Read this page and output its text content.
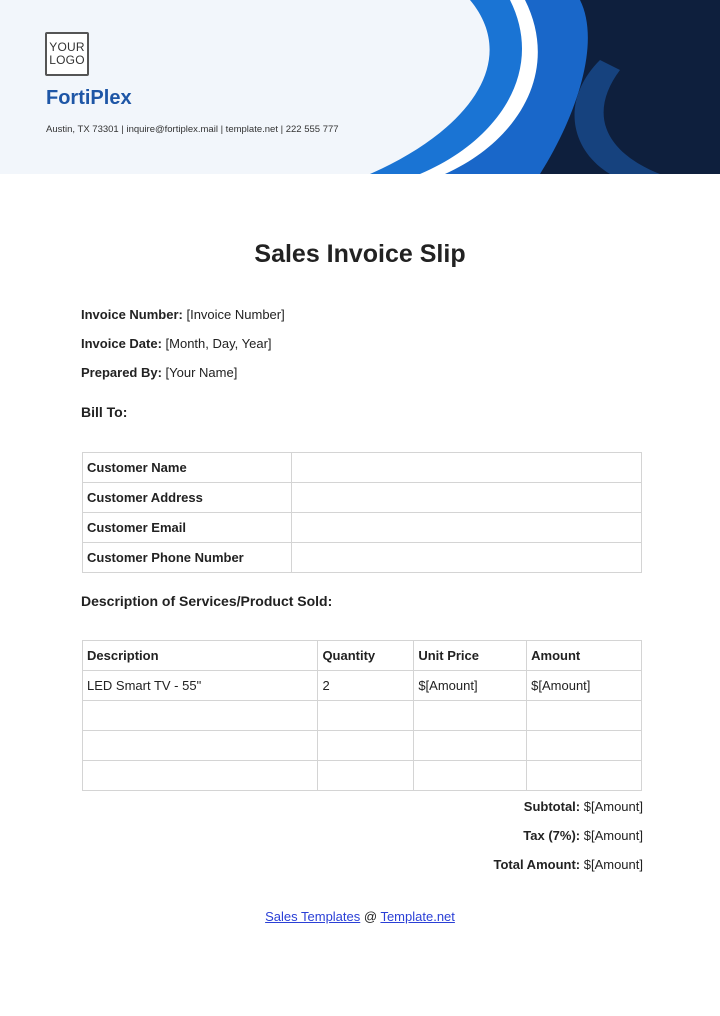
YOUR
LOGO
FortiPlex
Austin, TX 73301 | inquire@fortiplex.mail | template.net | 222 555 777
Sales Invoice Slip
Invoice Number: [Invoice Number]
Invoice Date: [Month, Day, Year]
Prepared By: [Your Name]
Bill To:
Customer Name	
Customer Address	
Customer Email	
Customer Phone Number	
Description of Services/Product Sold:
Description	Quantity	Unit Price	Amount
LED Smart TV - 55"	2	$[Amount]	$[Amount]

Subtotal: $[Amount]
Tax (7%): $[Amount]
Total Amount: $[Amount]
Sales Templates @ Template.net
